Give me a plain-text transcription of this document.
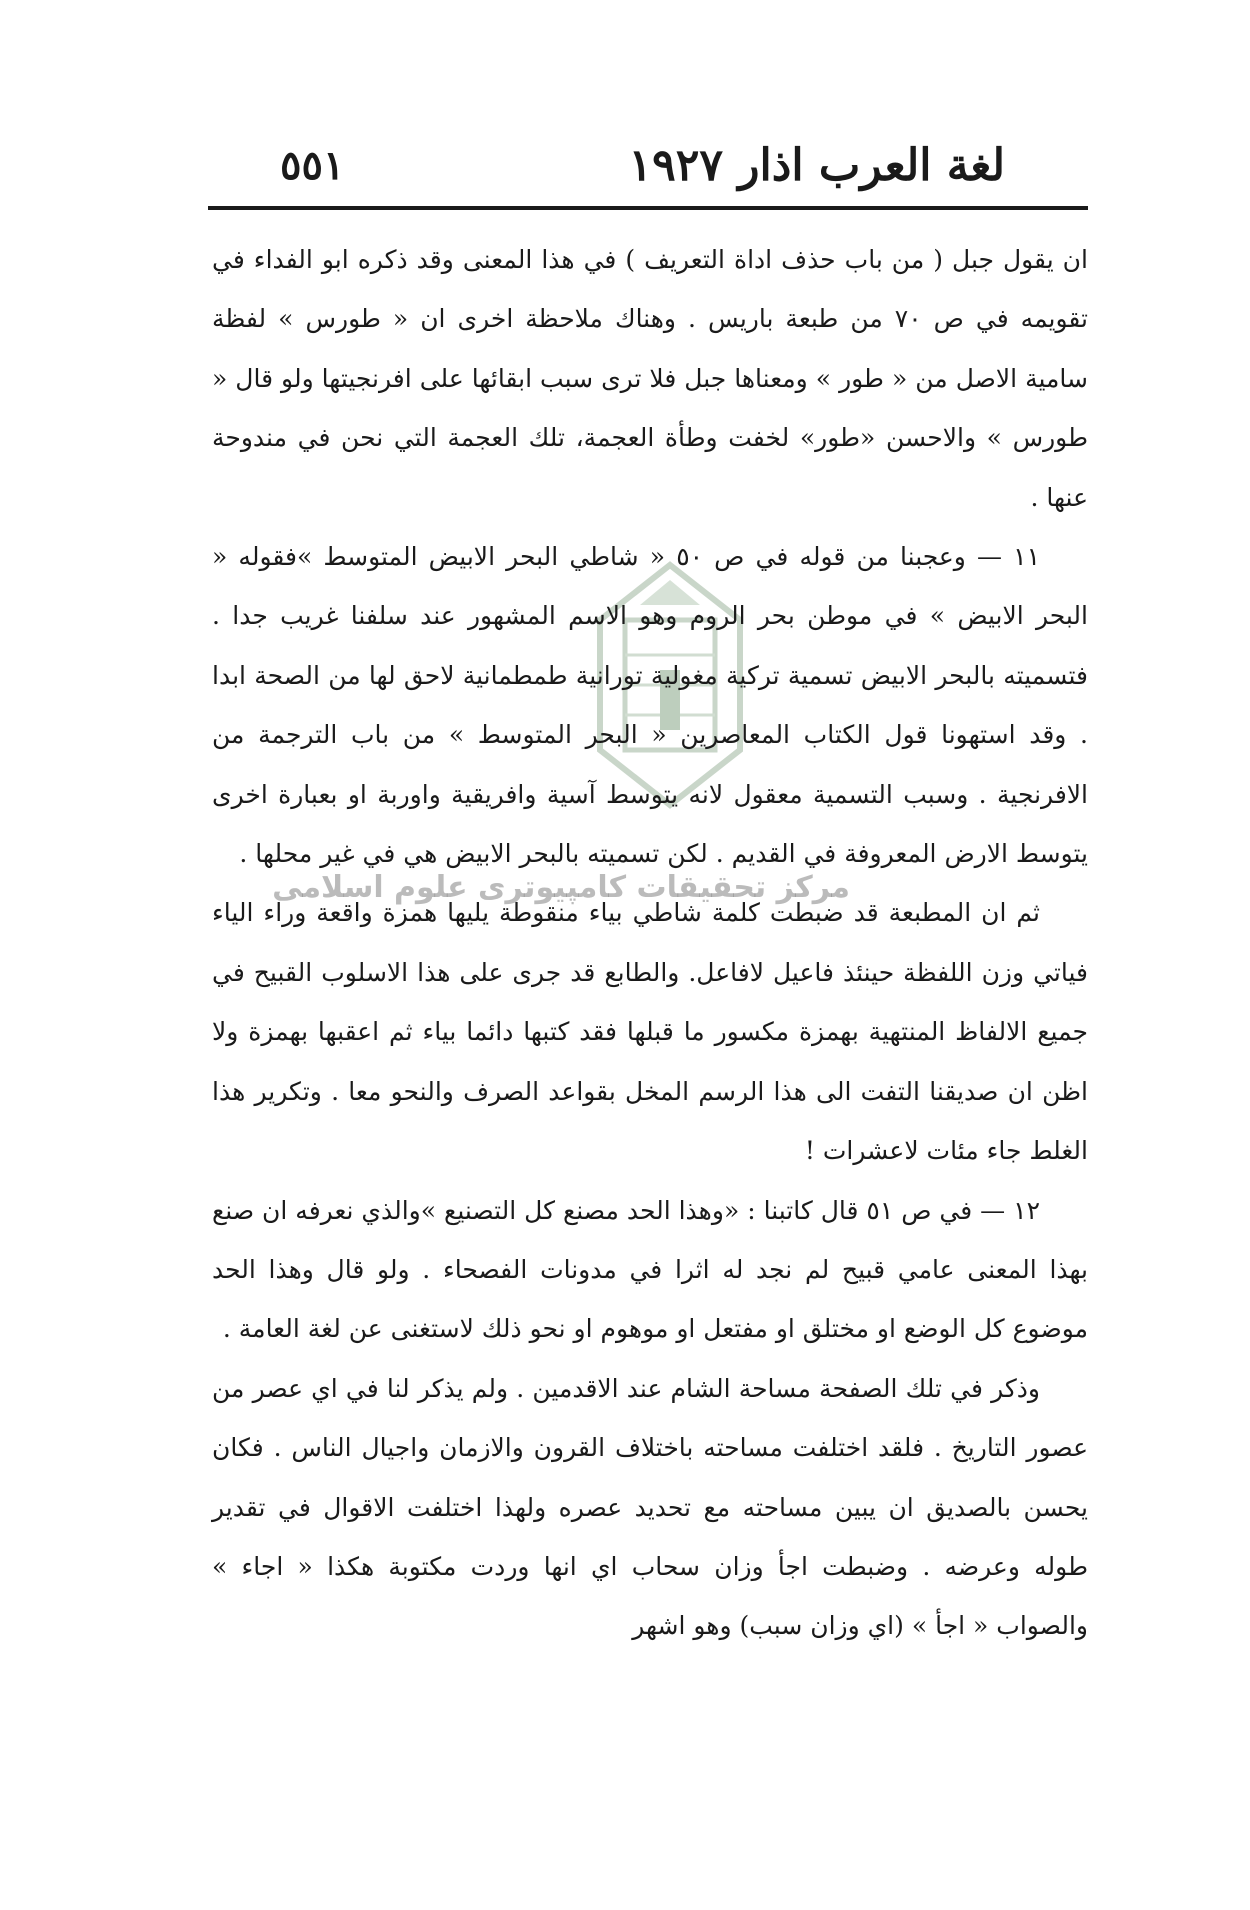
لغة العرب اذار ١٩٢٧
٥٥١
مرکز تحقیقات کامپیوتری علوم اسلامی

ان يقول جبل ( من باب حذف اداة التعريف ) في هذا المعنى وقد ذكره ابو الفداء في تقويمه في ص ٧٠ من طبعة باريس . وهناك ملاحظة اخرى ان « طورس » لفظة سامية الاصل من « طور » ومعناها جبل فلا ترى سبب ابقائها على افرنجيتها ولو قال « طورس » والاحسن «طور» لخفت وطأة العجمة، تلك العجمة التي نحن في مندوحة عنها .

١١ — وعجبنا من قوله في ص ٥٠ « شاطي البحر الابيض المتوسط »فقوله « البحر الابيض » في موطن بحر الروم وهو الاسم المشهور عند سلفنا غريب جدا . فتسميته بالبحر الابيض تسمية تركية مغولية تورانية طمطمانية لاحق لها من الصحة ابدا . وقد استهونا قول الكتاب المعاصرين « البحر المتوسط » من باب الترجمة من الافرنجية . وسبب التسمية معقول لانه يتوسط آسية وافريقية واوربة او بعبارة اخرى يتوسط الارض المعروفة في القديم . لكن تسميته بالبحر الابيض هي في غير محلها .

ثم ان المطبعة قد ضبطت كلمة شاطي بياء منقوطة يليها همزة واقعة وراء الياء فياتي وزن اللفظة حينئذ فاعيل لافاعل. والطابع قد جرى على هذا الاسلوب القبيح في جميع الالفاظ المنتهية بهمزة مكسور ما قبلها فقد كتبها دائما بياء ثم اعقبها بهمزة ولا اظن ان صديقنا التفت الى هذا الرسم المخل بقواعد الصرف والنحو معا . وتكرير هذا الغلط جاء مئات لاعشرات !

١٢ — في ص ٥١ قال كاتبنا : «وهذا الحد مصنع كل التصنيع »والذي نعرفه ان صنع بهذا المعنى عامي قبيح لم نجد له اثرا في مدونات الفصحاء . ولو قال وهذا الحد موضوع كل الوضع او مختلق او مفتعل او موهوم او نحو ذلك لاستغنى عن لغة العامة .

وذكر في تلك الصفحة مساحة الشام عند الاقدمين . ولم يذكر لنا في اي عصر من عصور التاريخ . فلقد اختلفت مساحته باختلاف القرون والازمان واجيال الناس . فكان يحسن بالصديق ان يبين مساحته مع تحديد عصره ولهذا اختلفت الاقوال في تقدير طوله وعرضه . وضبطت اجأ وزان سحاب اي انها وردت مكتوبة هكذا « اجاء » والصواب « اجأ » (اي وزان سبب) وهو اشهر
